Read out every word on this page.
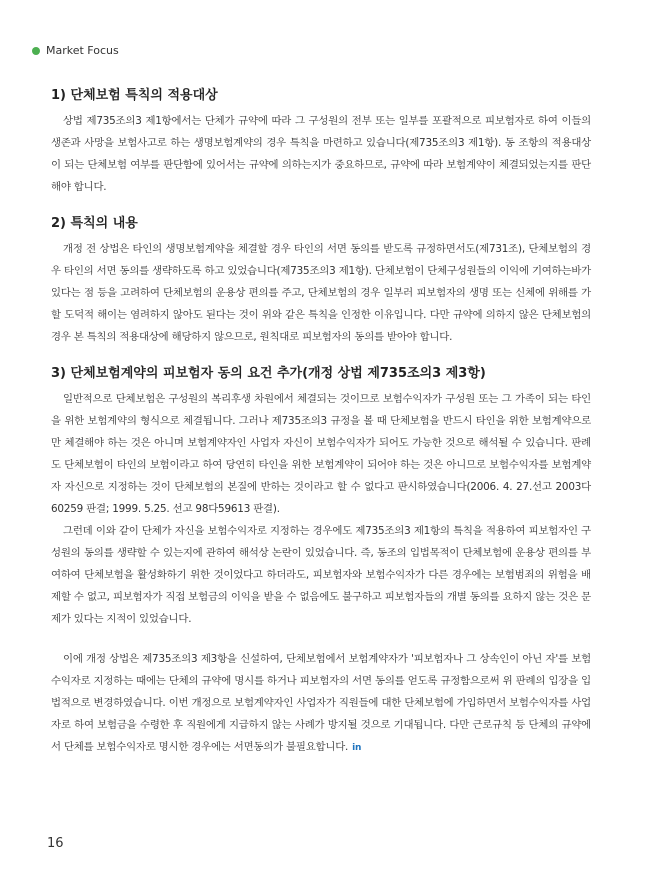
Market Focus
1) 단체보험 특칙의 적용대상

상법 제735조의3 제1항에서는 단체가 규약에 따라 그 구성원의 전부 또는 일부를 포괄적으로 피보험자로 하여 이들의 생존과 사망을 보험사고로 하는 생명보험계약의 경우 특칙을 마련하고 있습니다(제735조의3 제1항). 동 조항의 적용대상이 되는 단체보험 여부를 판단함에 있어서는 규약에 의하는지가 중요하므로, 규약에 따라 보험계약이 체결되었는지를 판단해야 합니다.

2) 특칙의 내용

개정 전 상법은 타인의 생명보험계약을 체결할 경우 타인의 서면 동의를 받도록 규정하면서도(제731조), 단체보험의 경우 타인의 서면 동의를 생략하도록 하고 있었습니다(제735조의3 제1항). 단체보험이 단체구성원들의 이익에 기여하는바가 있다는 점 등을 고려하여 단체보험의 운용상 편의를 주고, 단체보험의 경우 일부러 피보험자의 생명 또는 신체에 위해를 가할 도덕적 해이는 염려하지 않아도 된다는 것이 위와 같은 특칙을 인정한 이유입니다. 다만 규약에 의하지 않은 단체보험의 경우 본 특칙의 적용대상에 해당하지 않으므로, 원칙대로 피보험자의 동의를 받아야 합니다.

3) 단체보험계약의 피보험자 동의 요건 추가(개정 상법 제735조의3 제3항)

일반적으로 단체보험은 구성원의 복리후생 차원에서 체결되는 것이므로 보험수익자가 구성원 또는 그 가족이 되는 타인을 위한 보험계약의 형식으로 체결됩니다. 그러나 제735조의3 규정을 볼 때 단체보험을 반드시 타인을 위한 보험계약으로만 체결해야 하는 것은 아니며 보험계약자인 사업자 자신이 보험수익자가 되어도 가능한 것으로 해석될 수 있습니다. 판례도 단체보험이 타인의 보험이라고 하여 당연히 타인을 위한 보험계약이 되어야 하는 것은 아니므로 보험수익자를 보험계약자 자신으로 지정하는 것이 단체보험의 본질에 반하는 것이라고 할 수 없다고 판시하였습니다(2006. 4. 27.선고 2003다60259 판결; 1999. 5.25. 선고 98다59613 판결).

그런데 이와 같이 단체가 자신을 보험수익자로 지정하는 경우에도 제735조의3 제1항의 특칙을 적용하여 피보험자인 구성원의 동의를 생략할 수 있는지에 관하여 해석상 논란이 있었습니다. 즉, 동조의 입법목적이 단체보험에 운용상 편의를 부여하여 단체보험을 활성화하기 위한 것이었다고 하더라도, 피보험자와 보험수익자가 다른 경우에는 보험범죄의 위험을 배제할 수 없고, 피보험자가 직접 보험금의 이익을 받을 수 없음에도 불구하고 피보험자들의 개별 동의를 요하지 않는 것은 문제가 있다는 지적이 있었습니다.

이에 개정 상법은 제735조의3 제3항을 신설하여, 단체보험에서 보험계약자가 '피보험자나 그 상속인이 아닌 자'를 보험수익자로 지정하는 때에는 단체의 규약에 명시를 하거나 피보험자의 서면 동의를 얻도록 규정함으로써 위 판례의 입장을 입법적으로 변경하였습니다. 이번 개정으로 보험계약자인 사업자가 직원들에 대한 단체보험에 가입하면서 보험수익자를 사업자로 하여 보험금을 수령한 후 직원에게 지급하지 않는 사례가 방지될 것으로 기대됩니다. 다만 근로규칙 등 단체의 규약에서 단체를 보험수익자로 명시한 경우에는 서면동의가 불필요합니다. in

16
